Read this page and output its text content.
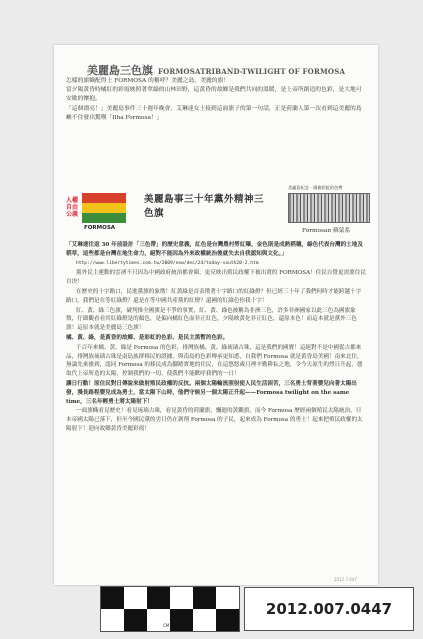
美麗島三色旗 FORMOSATRIBAND-TWILIGHT OF FORMOSA

怎樣的旗幟配得上 FORMOSA 的稱呼？美麗之島，美麗的旗！

當夕陽黃昏時橘紅的彩霞映照著翠綠的山林田野，這黃昏的故鄉是我們共同的溫暖，是上帝所創造的色彩，是大地可安歇的懷抱。

「這個漂亮！」美麗島事件三十週年晚會，艾琳達女士接到這面旗子的第一句話，正是荷蘭人第一次看到這美麗的島嶼不住發出驚嘆「Ilha Formosa！」

人權自由公義
FORMOSA
美麗島事三十年黨外精神三色旗
美麗島紀念‧國旗彩虹的色帶
Formosan 蘇蒙系

「艾琳達往返 30 年前設計「三色帶」的歷史意義，紅色是台灣農村勞紅曝，金色則是成熟稻穗，綠色代表台灣的土地及稻草，這些都是台灣在地生命力，絕對不能因為外來政權統治後就失去自我認知與文化。」

http://www.libertytimes.com.tw/2009/new/dec/24/today-south20-2.htm

黨外民主運動的雲湧不只因為中國政府統治都會圈，更反映出殖民政權下被出賣的 FORMOSA！住民自覺更需要住民自決！

在歷史的十字路口，民進黨旗的象徵！紅黃綠是首表徵著十字路口的紅綠燈？但已經三十年了我們何時才能跨越十字路口，我們是在等紅綠燈？還是在等中國共產黨的紅燈？還國的紅綠色你我十字！

紅、黃、綠三色旗，破判推全國旗是不爭的事實，紅、黃、綠也被稱為非洲三色，許多非洲國家以此三色為國旗象徵，仔細觀看看其紅綠燈是的顏色，是偏向橘紅色而非正紅色，夕陽映黃化非正紅色，還原本色！而這本就是黨外三色旗！這原本就是美麗島三色旗！

橘、黃、綠，是黃昏的故鄉、是彩虹的色彩、是民主黑暫的色彩。

千百年來橘、黃、綠是 Formosa 的色彩，排灣族橘、黃、綠琉璃古珠，這是我們的國寶！這絕對不是中國從古都來品，排灣族琉璃古珠是南島族群移民的證據，與南島的色彩傳承更知悉，自我們 Formosa 就是黃昏島美國！南來北往，無論先來後到，認同 Formosa 的移民成為腳踏實地的住民，在這悠悠歲月裡辛勤耕耘之地，令今天原生的烈日升起，憩取代上帝所造的太陽，控制我們的一切，使我們不能歡呼我們的一日！

讓日行動！原住民對日傳說來做射殖民政權的反抗。兩個太陽輪流照射使人民生活困苦，三名勇士背著嬰兒向著太陽出發，漫長路程嬰兒成為勇士，當太陽下山時，他們守候另一個太陽正升起——Formosa twilight on the same time，三名年輕勇士將太陽射下！

一面旗幟看見歷史！看見琉璃古珠，看見黃昏的荷蘭旗，飄逝的黃觀旗，而今 Formosa 歷經兩個殖民太陽統治，日本帝國太陽已落下，但至今國民黨的劣日仍在剝削 Formosa 的子民，起來成為 Formosa 的勇士！起來把殖民政權的太陽射下！迎向故鄉黃昏美麗彩霞！

2012.7.447
CM
2012.007.0447
